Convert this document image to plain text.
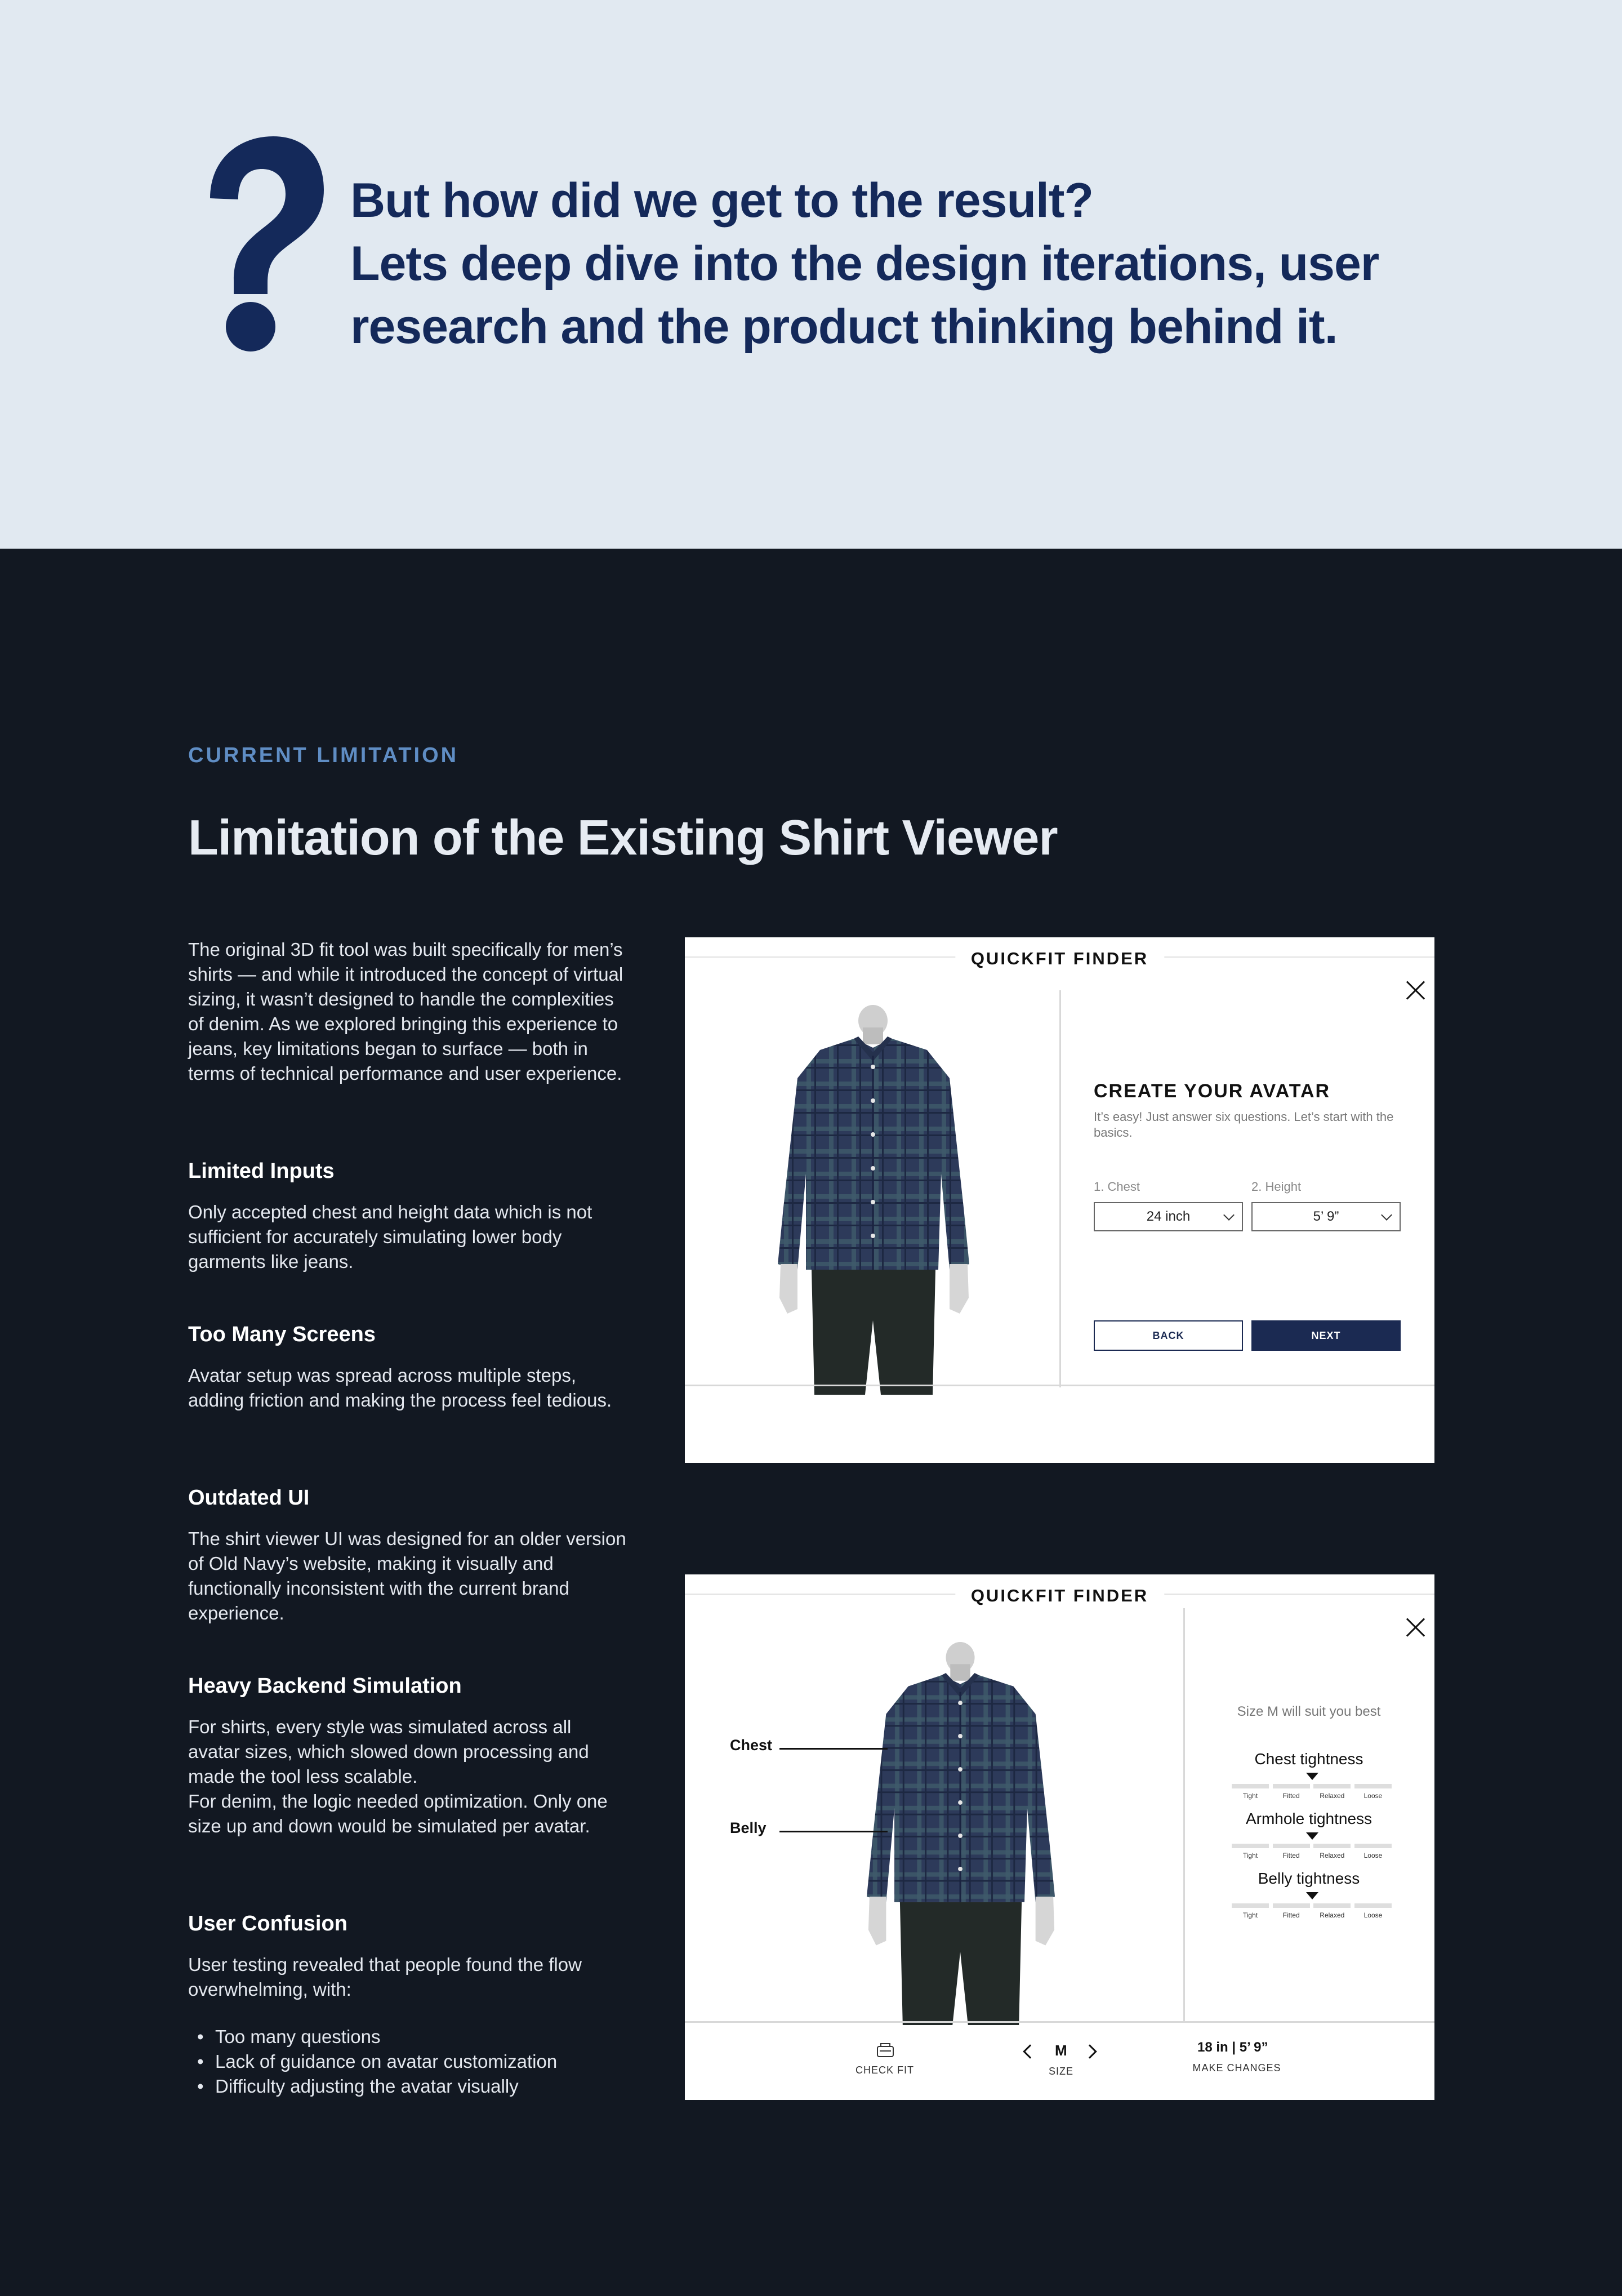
But how did we get to the result?
Lets deep dive into the design iterations, user
research and the product thinking behind it.
CURRENT LIMITATION
Limitation of the Existing Shirt Viewer

The original 3D fit tool was built specifically for men’s shirts — and while it introduced the concept of virtual sizing, it wasn’t designed to handle the complexities of denim. As we explored bringing this experience to jeans, key limitations began to surface — both in terms of technical performance and user experience.

Limited Inputs

Only accepted chest and height data which is not sufficient for accurately simulating lower body garments like jeans.

Too Many Screens

Avatar setup was spread across multiple steps, adding friction and making the process feel tedious.

Outdated UI

The shirt viewer UI was designed for an older version of Old Navy’s website, making it visually and functionally inconsistent with the current brand experience.

Heavy Backend Simulation

For shirts, every style was simulated across all avatar sizes, which slowed down processing and made the tool less scalable.

For denim, the logic needed optimization. Only one size up and down would be simulated per avatar.

User Confusion

User testing revealed that people found the flow overwhelming, with:

• Too many questions
• Lack of guidance on avatar customization
• Difficulty adjusting the avatar visually
QUICKFIT FINDER
CREATE YOUR AVATAR
It’s easy! Just answer six questions. Let’s start with the basics.
1. Chest
24 inch
2. Height
5’ 9”
BACK	NEXT
QUICKFIT FINDER
Chest
Belly
Size M will suit you best
Chest tightness
Tight	Fitted	Relaxed	Loose
Armhole tightness
Tight	Fitted	Relaxed	Loose
Belly tightness
Tight	Fitted	Relaxed	Loose
CHECK FIT
M
SIZE
18 in | 5’ 9”
MAKE CHANGES
